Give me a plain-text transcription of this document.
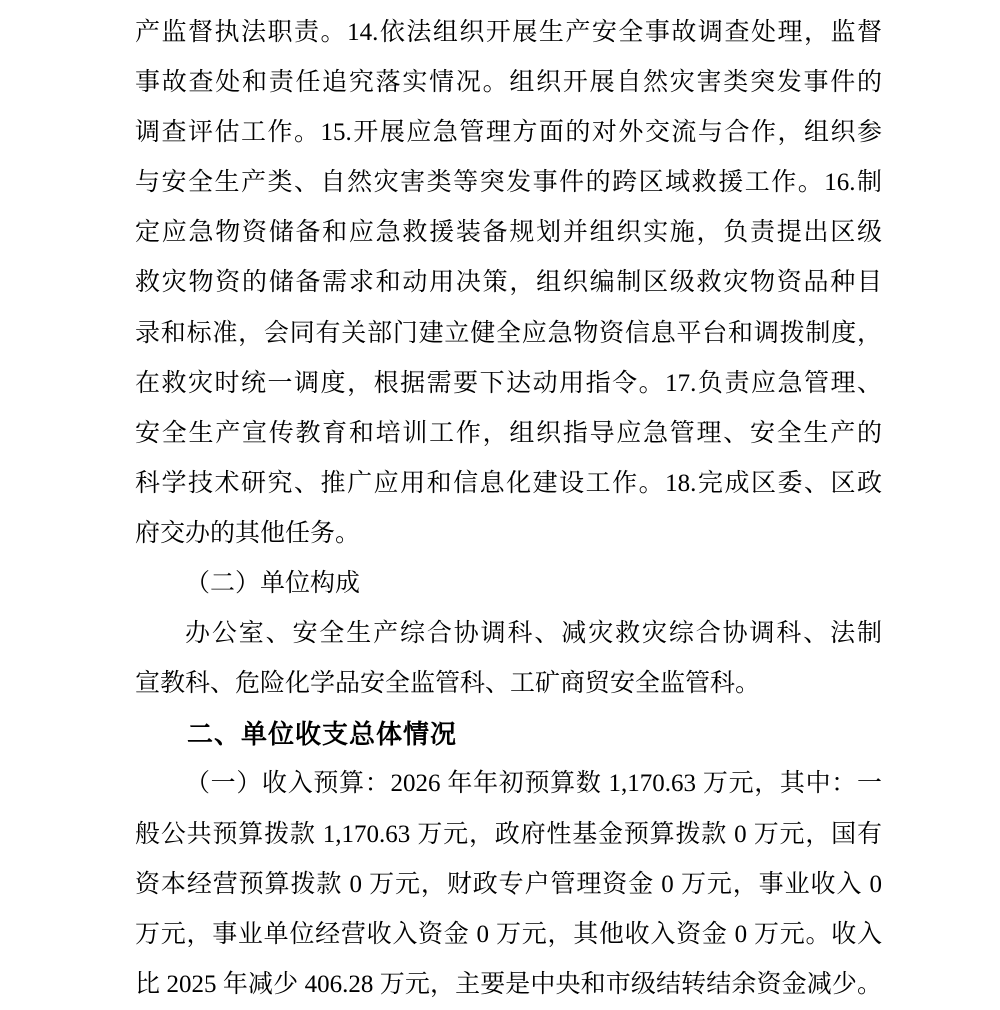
产监督执法职责。14.依法组织开展生产安全事故调查处理，监督
事故查处和责任追究落实情况。组织开展自然灾害类突发事件的
调查评估工作。15.开展应急管理方面的对外交流与合作，组织参
与安全生产类、自然灾害类等突发事件的跨区域救援工作。16.制
定应急物资储备和应急救援装备规划并组织实施，负责提出区级
救灾物资的储备需求和动用决策，组织编制区级救灾物资品种目
录和标准，会同有关部门建立健全应急物资信息平台和调拨制度，
在救灾时统一调度，根据需要下达动用指令。17.负责应急管理、
安全生产宣传教育和培训工作，组织指导应急管理、安全生产的
科学技术研究、推广应用和信息化建设工作。18.完成区委、区政
府交办的其他任务。
（二）单位构成
办公室、安全生产综合协调科、减灾救灾综合协调科、法制
宣教科、危险化学品安全监管科、工矿商贸安全监管科。
二、单位收支总体情况
（一）收入预算：2026 年年初预算数 1,170.63 万元，其中：一
般公共预算拨款 1,170.63 万元，政府性基金预算拨款 0 万元，国有
资本经营预算拨款 0 万元，财政专户管理资金 0 万元，事业收入 0
万元，事业单位经营收入资金 0 万元，其他收入资金 0 万元。收入
比 2025 年减少 406.28 万元，主要是中央和市级结转结余资金减少。
